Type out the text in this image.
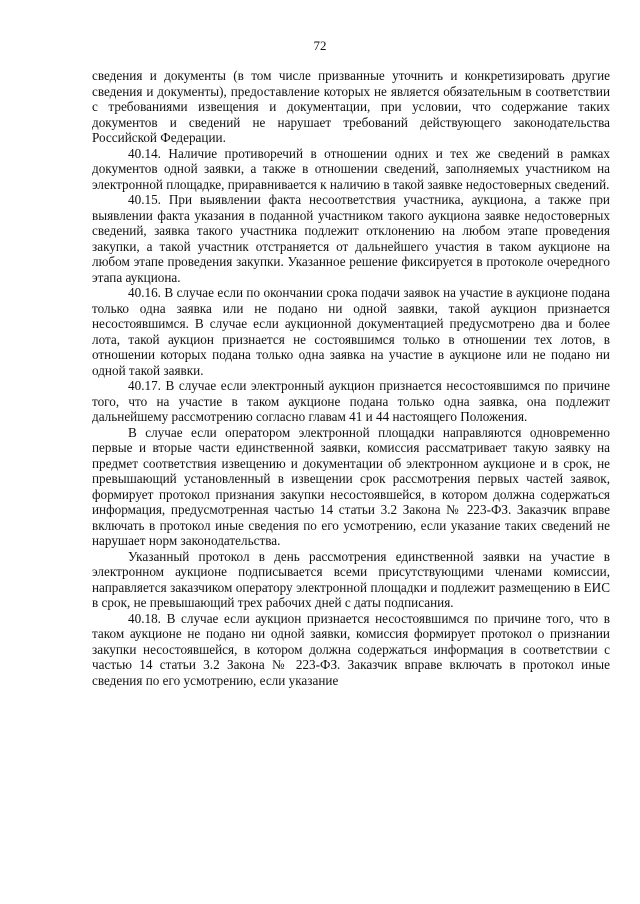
72

сведения и документы (в том числе призванные уточнить и конкретизировать другие сведения и документы), предоставление которых не является обязательным в соответствии с требованиями извещения и документации, при условии, что содержание таких документов и сведений не нарушает требований действующего законодательства Российской Федерации.

40.14. Наличие противоречий в отношении одних и тех же сведений в рамках документов одной заявки, а также в отношении сведений, заполняемых участником на электронной площадке, приравнивается к наличию в такой заявке недостоверных сведений.

40.15. При выявлении факта несоответствия участника, аукциона, а также при выявлении факта указания в поданной участником такого аукциона заявке недостоверных сведений, заявка такого участника подлежит отклонению на любом этапе проведения закупки, а такой участник отстраняется от дальнейшего участия в таком аукционе на любом этапе проведения закупки. Указанное решение фиксируется в протоколе очередного этапа аукциона.

40.16. В случае если по окончании срока подачи заявок на участие в аукционе подана только одна заявка или не подано ни одной заявки, такой аукцион признается несостоявшимся. В случае если аукционной документацией предусмотрено два и более лота, такой аукцион признается не состоявшимся только в отношении тех лотов, в отношении которых подана только одна заявка на участие в аукционе или не подано ни одной такой заявки.

40.17. В случае если электронный аукцион признается несостоявшимся по причине того, что на участие в таком аукционе подана только одна заявка, она подлежит дальнейшему рассмотрению согласно главам 41 и 44 настоящего Положения.

В случае если оператором электронной площадки направляются одновременно первые и вторые части единственной заявки, комиссия рассматривает такую заявку на предмет соответствия извещению и документации об электронном аукционе и в срок, не превышающий установленный в извещении срок рассмотрения первых частей заявок, формирует протокол признания закупки несостоявшейся, в котором должна содержаться информация, предусмотренная частью 14 статьи 3.2 Закона № 223-ФЗ. Заказчик вправе включать в протокол иные сведения по его усмотрению, если указание таких сведений не нарушает норм законодательства.

Указанный протокол в день рассмотрения единственной заявки на участие в электронном аукционе подписывается всеми присутствующими членами комиссии, направляется заказчиком оператору электронной площадки и подлежит размещению в ЕИС в срок, не превышающий трех рабочих дней с даты подписания.

40.18. В случае если аукцион признается несостоявшимся по причине того, что в таком аукционе не подано ни одной заявки, комиссия формирует протокол о признании закупки несостоявшейся, в котором должна содержаться информация в соответствии с частью 14 статьи 3.2 Закона № 223-ФЗ. Заказчик вправе включать в протокол иные сведения по его усмотрению, если указание
